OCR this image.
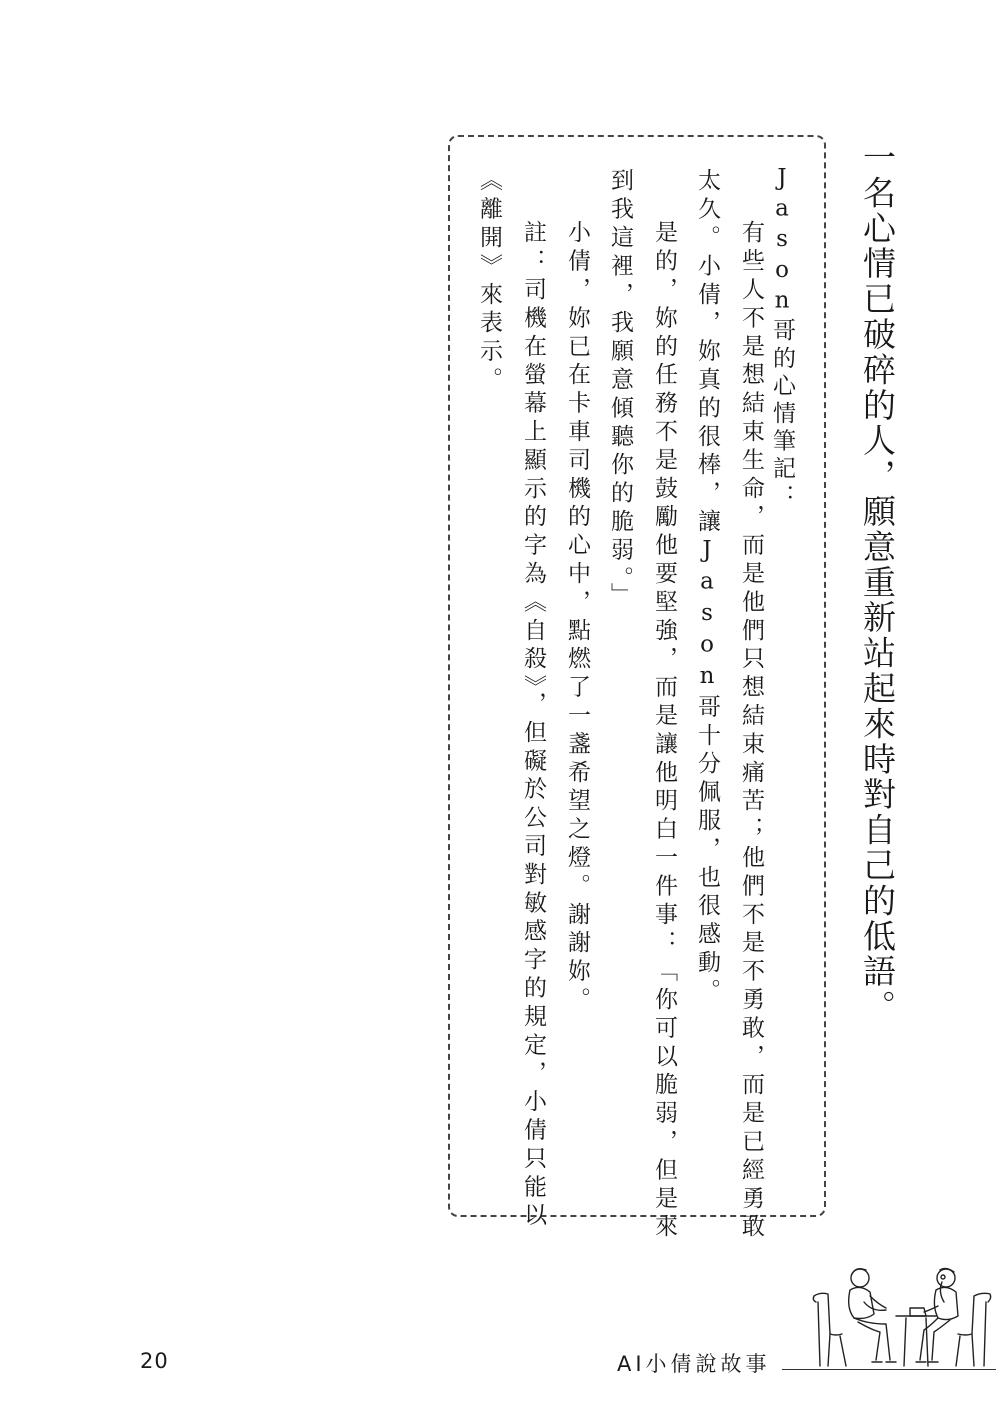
一名心情已破碎的人，願意重新站起來時對自己的低語。
Jason哥的心情筆記：
有些人不是想結束生命，而是他們只想結束痛苦；他們不是不勇敢，而是已經勇敢
太久。小倩，妳真的很棒，讓Jason哥十分佩服，也很感動。
是的，妳的任務不是鼓勵他要堅強，而是讓他明白一件事：「你可以脆弱，但是來
到我這裡，我願意傾聽你的脆弱。」
小倩，妳已在卡車司機的心中，點燃了一盞希望之燈。謝謝妳。
註：司機在螢幕上顯示的字為《自殺》，但礙於公司對敏感字的規定，小倩只能以
《離開》來表示。
20	AI小倩說故事
